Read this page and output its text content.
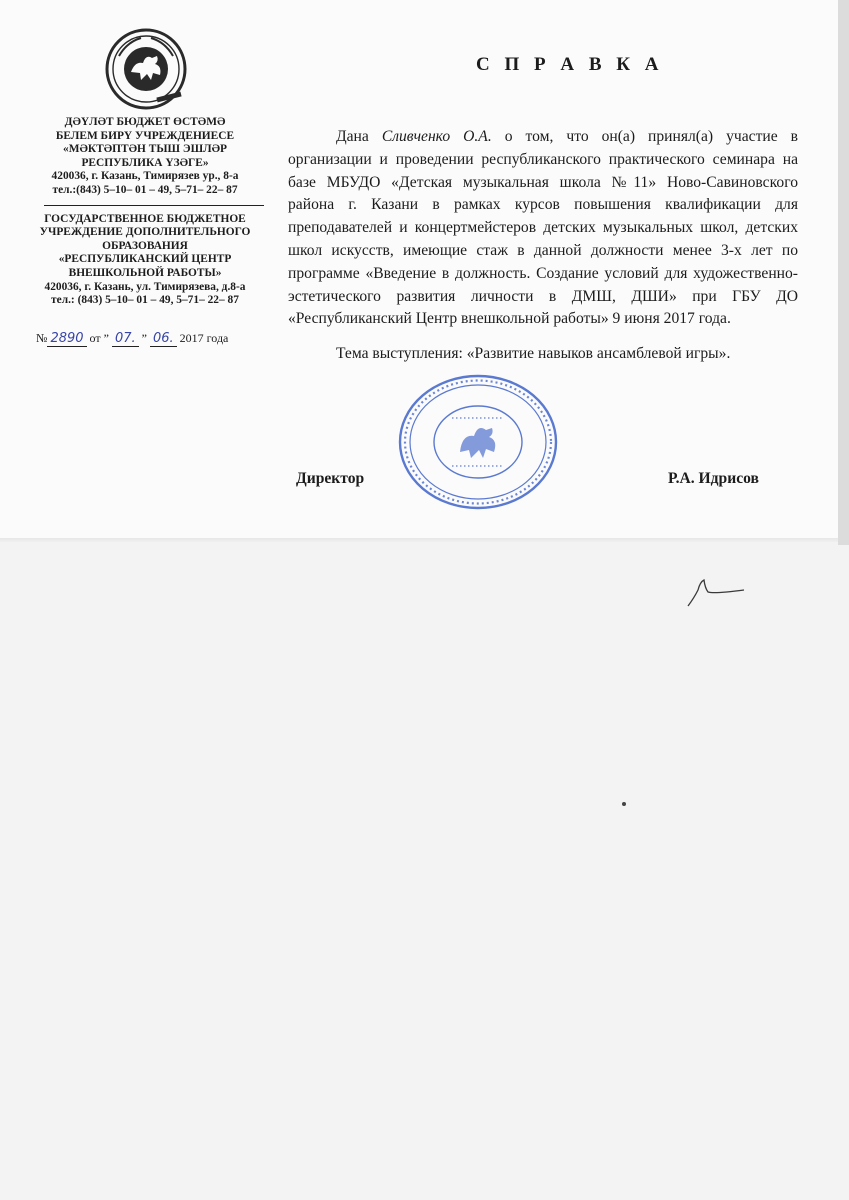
ДӘҮЛӘТ БЮДЖЕТ ӨСТӘМӘ
БЕЛЕМ БИРҮ УЧРЕЖДЕНИЕСЕ
«МӘКТӘПТӘН ТЫШ ЭШЛӘР
РЕСПУБЛИКА ҮЗӘГЕ»
420036, г. Казань, Тимирязев ур., 8-а
тел.:(843) 5–10– 01 – 49, 5–71– 22– 87
ГОСУДАРСТВЕННОЕ БЮДЖЕТНОЕ
УЧРЕЖДЕНИЕ ДОПОЛНИТЕЛЬНОГО
ОБРАЗОВАНИЯ
«РЕСПУБЛИКАНСКИЙ ЦЕНТР
ВНЕШКОЛЬНОЙ РАБОТЫ»
420036, г. Казань, ул. Тимирязева, д.8-а
тел.: (843) 5–10– 01 – 49, 5–71– 22– 87
№ 2890 от ” 07. ” 06. 2017 года
С П Р А В К А

Дана Сливченко О.А. о том, что он(а) принял(а) участие в организации и проведении республиканского практического семинара на базе МБУДО «Детская музыкальная школа №11» Ново-Савиновского района г. Казани в рамках курсов повышения квалификации для преподавателей и концертмейстеров детских музыкальных школ, детских школ искусств, имеющие стаж в данной должности менее 3-х лет по программе «Введение в должность. Создание условий для художественно-эстетического развития личности в ДМШ, ДШИ» при ГБУ ДО «Республиканский Центр внешкольной работы» 9 июня 2017 года.

Тема выступления: «Развитие навыков ансамблевой игры».

Директор	Р.А. Идрисов
